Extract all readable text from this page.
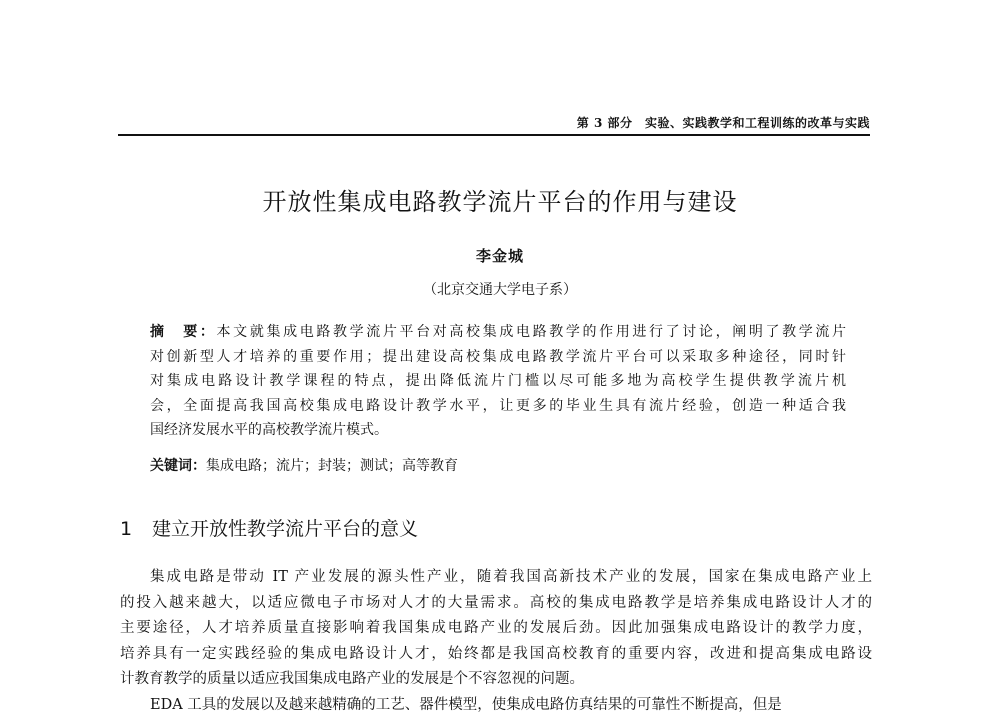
第 3 部分　实验、实践教学和工程训练的改革与实践
开放性集成电路教学流片平台的作用与建设
李金城
（北京交通大学电子系）
摘　要：本文就集成电路教学流片平台对高校集成电路教学的作用进行了讨论，阐明了教学流片
对创新型人才培养的重要作用；提出建设高校集成电路教学流片平台可以采取多种途径，同时针
对集成电路设计教学课程的特点，提出降低流片门槛以尽可能多地为高校学生提供教学流片机
会，全面提高我国高校集成电路设计教学水平，让更多的毕业生具有流片经验，创造一种适合我
国经济发展水平的高校教学流片模式。
关键词：集成电路；流片；封装；测试；高等教育
1 建立开放性教学流片平台的意义
集成电路是带动 IT 产业发展的源头性产业，随着我国高新技术产业的发展，国家在集成电路产业上
的投入越来越大，以适应微电子市场对人才的大量需求。高校的集成电路教学是培养集成电路设计人才的
主要途径，人才培养质量直接影响着我国集成电路产业的发展后劲。因此加强集成电路设计的教学力度，
培养具有一定实践经验的集成电路设计人才，始终都是我国高校教育的重要内容，改进和提高集成电路设
计教育教学的质量以适应我国集成电路产业的发展是个不容忽视的问题。
EDA 工具的发展以及越来越精确的工艺、器件模型，使集成电路仿真结果的可靠性不断提高，但是
